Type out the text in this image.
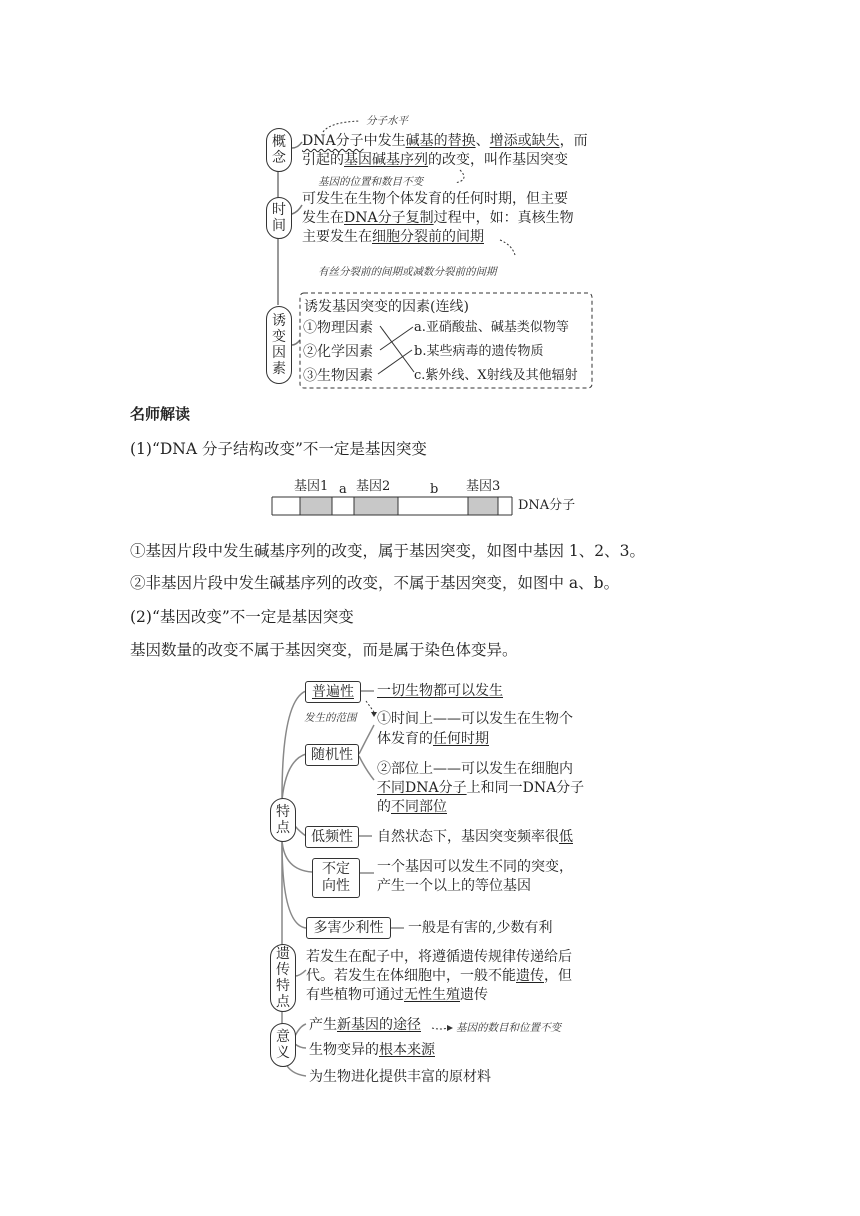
概
念
时
间
诱
变
因
素
分子水平
DNA分子中发生碱基的替换、增添或缺失，而
引起的基因碱基序列的改变，叫作基因突变
基因的位置和数目不变
可发生在生物个体发育的任何时期，但主要
发生在DNA分子复制过程中，如：真核生物
主要发生在细胞分裂前的间期
有丝分裂前的间期或减数分裂前的间期
诱发基因突变的因素(连线)
①物理因素
②化学因素
③生物因素
a.亚硝酸盐、碱基类似物等
b.某些病毒的遗传物质
c.紫外线、X射线及其他辐射
名师解读
(1)“DNA 分子结构改变”不一定是基因突变
基因1 a 基因2	b 基因3
DNA分子
①基因片段中发生碱基序列的改变，属于基因突变，如图中基因 1、2、3。
②非基因片段中发生碱基序列的改变，不属于基因突变，如图中 a、b。
(2)“基因改变”不一定是基因突变
基因数量的改变不属于基因突变，而是属于染色体变异。
特
点
遗
传
特
点
意
义
普遍性
随机性
低频性
不定
向性
多害少利性
一切生物都可以发生
发生的范围 ①时间上——可以发生在生物个
体发育的任何时期
②部位上——可以发生在细胞内
不同DNA分子上和同一DNA分子
的不同部位
自然状态下，基因突变频率很低
一个基因可以发生不同的突变，
产生一个以上的等位基因
一般是有害的,少数有利
若发生在配子中，将遵循遗传规律传递给后
代。若发生在体细胞中，一般不能遗传，但
有些植物可通过无性生殖遗传
产生新基因的途径	基因的数目和位置不变
生物变异的根本来源
为生物进化提供丰富的原材料
